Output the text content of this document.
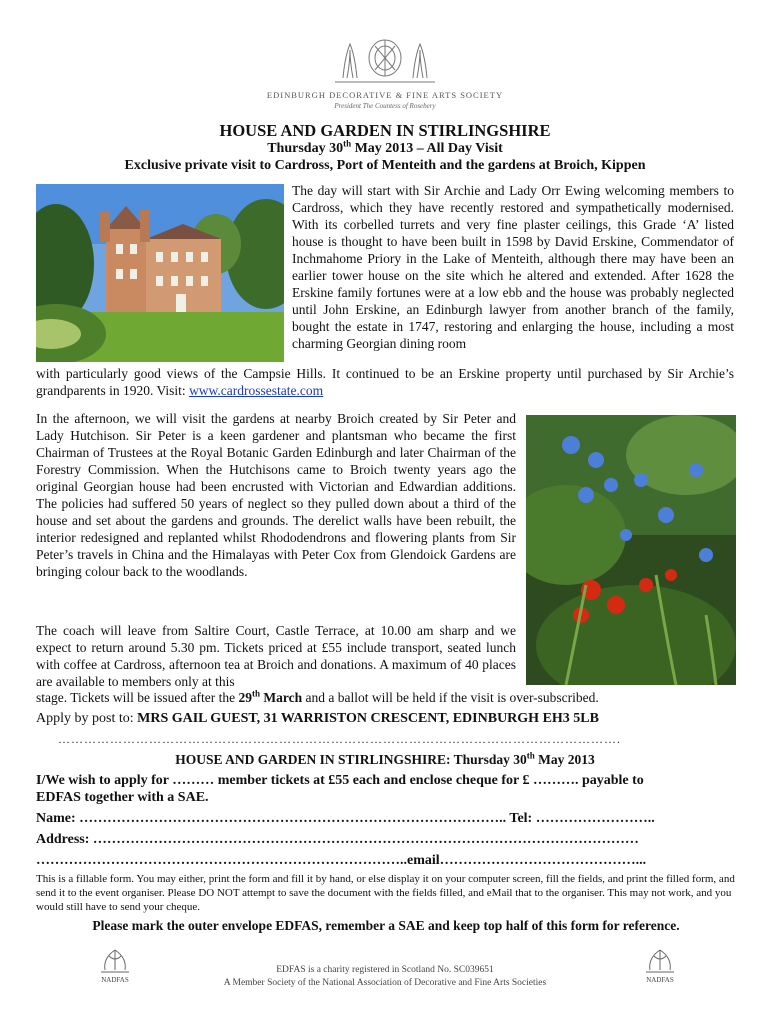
EDINBURGH DECORATIVE & FINE ARTS SOCIETY
President The Countess of Rosebery
HOUSE AND GARDEN IN STIRLINGSHIRE
Thursday 30th May 2013 – All Day Visit
Exclusive private visit to Cardross, Port of Menteith and the gardens at Broich, Kippen
The day will start with Sir Archie and Lady Orr Ewing welcoming members to Cardross, which they have recently restored and sympathetically modernised. With its corbelled turrets and very fine plaster ceilings, this Grade ‘A’ listed house is thought to have been built in 1598 by David Erskine, Commendator of Inchmahome Priory in the Lake of Menteith, although there may have been an earlier tower house on the site which he altered and extended. After 1628 the Erskine family fortunes were at a low ebb and the house was probably neglected until John Erskine, an Edinburgh lawyer from another branch of the family, bought the estate in 1747, restoring and enlarging the house, including a most charming Georgian dining room
with particularly good views of the Campsie Hills. It continued to be an Erskine property until purchased by Sir Archie’s grandparents in 1920. Visit: www.cardrossestate.com
In the afternoon, we will visit the gardens at nearby Broich created by Sir Peter and Lady Hutchison. Sir Peter is a keen gardener and plantsman who became the first Chairman of Trustees at the Royal Botanic Garden Edinburgh and later Chairman of the Forestry Commission. When the Hutchisons came to Broich twenty years ago the original Georgian house had been encrusted with Victorian and Edwardian additions. The policies had suffered 50 years of neglect so they pulled down about a third of the house and set about the gardens and grounds. The derelict walls have been rebuilt, the interior redesigned and replanted whilst Rhododendrons and flowering plants from Sir Peter’s travels in China and the Himalayas with Peter Cox from Glendoick Gardens are bringing colour back to the woodlands.
The coach will leave from Saltire Court, Castle Terrace, at 10.00 am sharp and we expect to return around 5.30 pm. Tickets priced at £55 include transport, seated lunch with coffee at Cardross, afternoon tea at Broich and donations. A maximum of 40 places are available to members only at this
stage. Tickets will be issued after the 29th March and a ballot will be held if the visit is over-subscribed.
Apply by post to: MRS GAIL GUEST, 31 WARRISTON CRESCENT, EDINBURGH EH3 5LB
………………………………………………………………………………………………………………….
HOUSE AND GARDEN IN STIRLINGSHIRE: Thursday 30th May 2013
I/We wish to apply for ……… member tickets at £55 each and enclose cheque for £ ………. payable to
EDFAS together with a SAE.
Name: ……………………………………………………………………………….. Tel: ……………………..
Address: ………………………………………………………………………………………………………
……………………………………………………………………..email……………………………………...
This is a fillable form. You may either, print the form and fill it by hand, or else display it on your computer screen, fill the fields, and print the filled form, and send it to the event organiser. Please DO NOT attempt to save the document with the fields filled, and eMail that to the organiser. This may not work, and you would still have to send your cheque.
Please mark the outer envelope EDFAS, remember a SAE and keep top half of this form for reference.
NADFAS	NADFAS
EDFAS is a charity registered in Scotland No. SC039651
A Member Society of the National Association of Decorative and Fine Arts Societies
